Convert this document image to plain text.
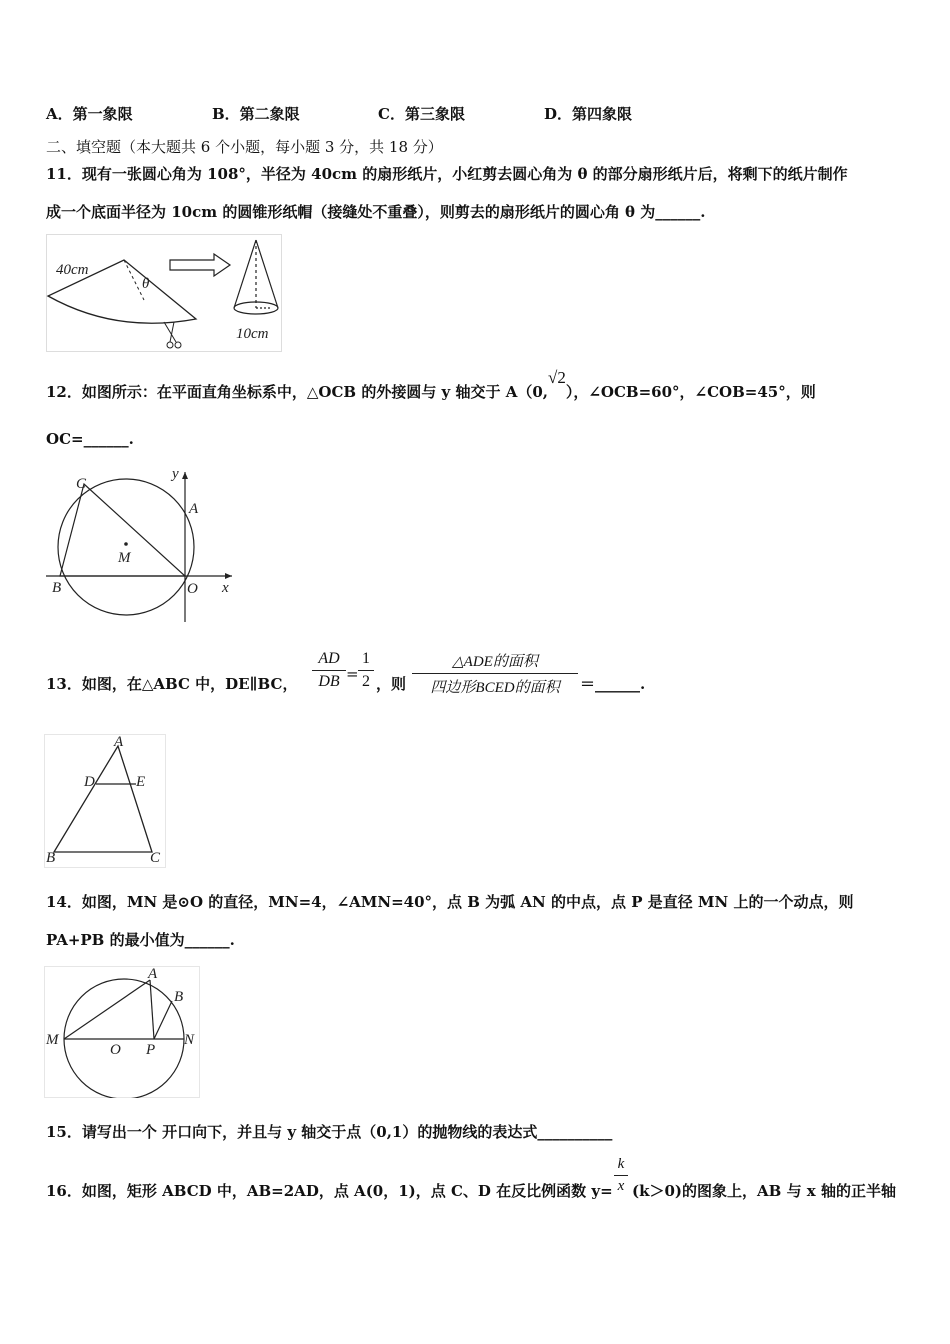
A．第一象限	B．第二象限	C．第三象限	D．第四象限
二、填空题（本大题共 6 个小题，每小题 3 分，共 18 分）
11．现有一张圆心角为 108°，半径为 40cm 的扇形纸片，小红剪去圆心角为 θ 的部分扇形纸片后，将剩下的纸片制作
成一个底面半径为 10cm 的圆锥形纸帽（接缝处不重叠），则剪去的扇形纸片的圆心角 θ 为______.
40cm
θ
10cm
12．如图所示：在平面直角坐标系中，△OCB 的外接圆与 y 轴交于 A（0,√2），∠OCB=60°，∠COB=45°，则
OC=______.
C
y
A
M
B	O x
13．如图，在△ABC 中，DE∥BC，
AD
DB =
1
2 ，则
△ADE的面积
四边形BCED的面积	＝______.
A
D	E
B	C
14．如图，MN 是⊙O 的直径，MN=4，∠AMN=40°，点 B 为弧 AN 的中点，点 P 是直径 MN 上的一个动点，则
PA+PB 的最小值为______.
A
B
M
O P
N
15．请写出一个 开口向下，并且与 y 轴交于点（0,1）的抛物线的表达式__________
16．如图，矩形 ABCD 中，AB=2AD，点 A(0，1)，点 C、D 在反比例函数 y=
k
x (k＞0)的图象上，AB 与 x 轴的正半轴
